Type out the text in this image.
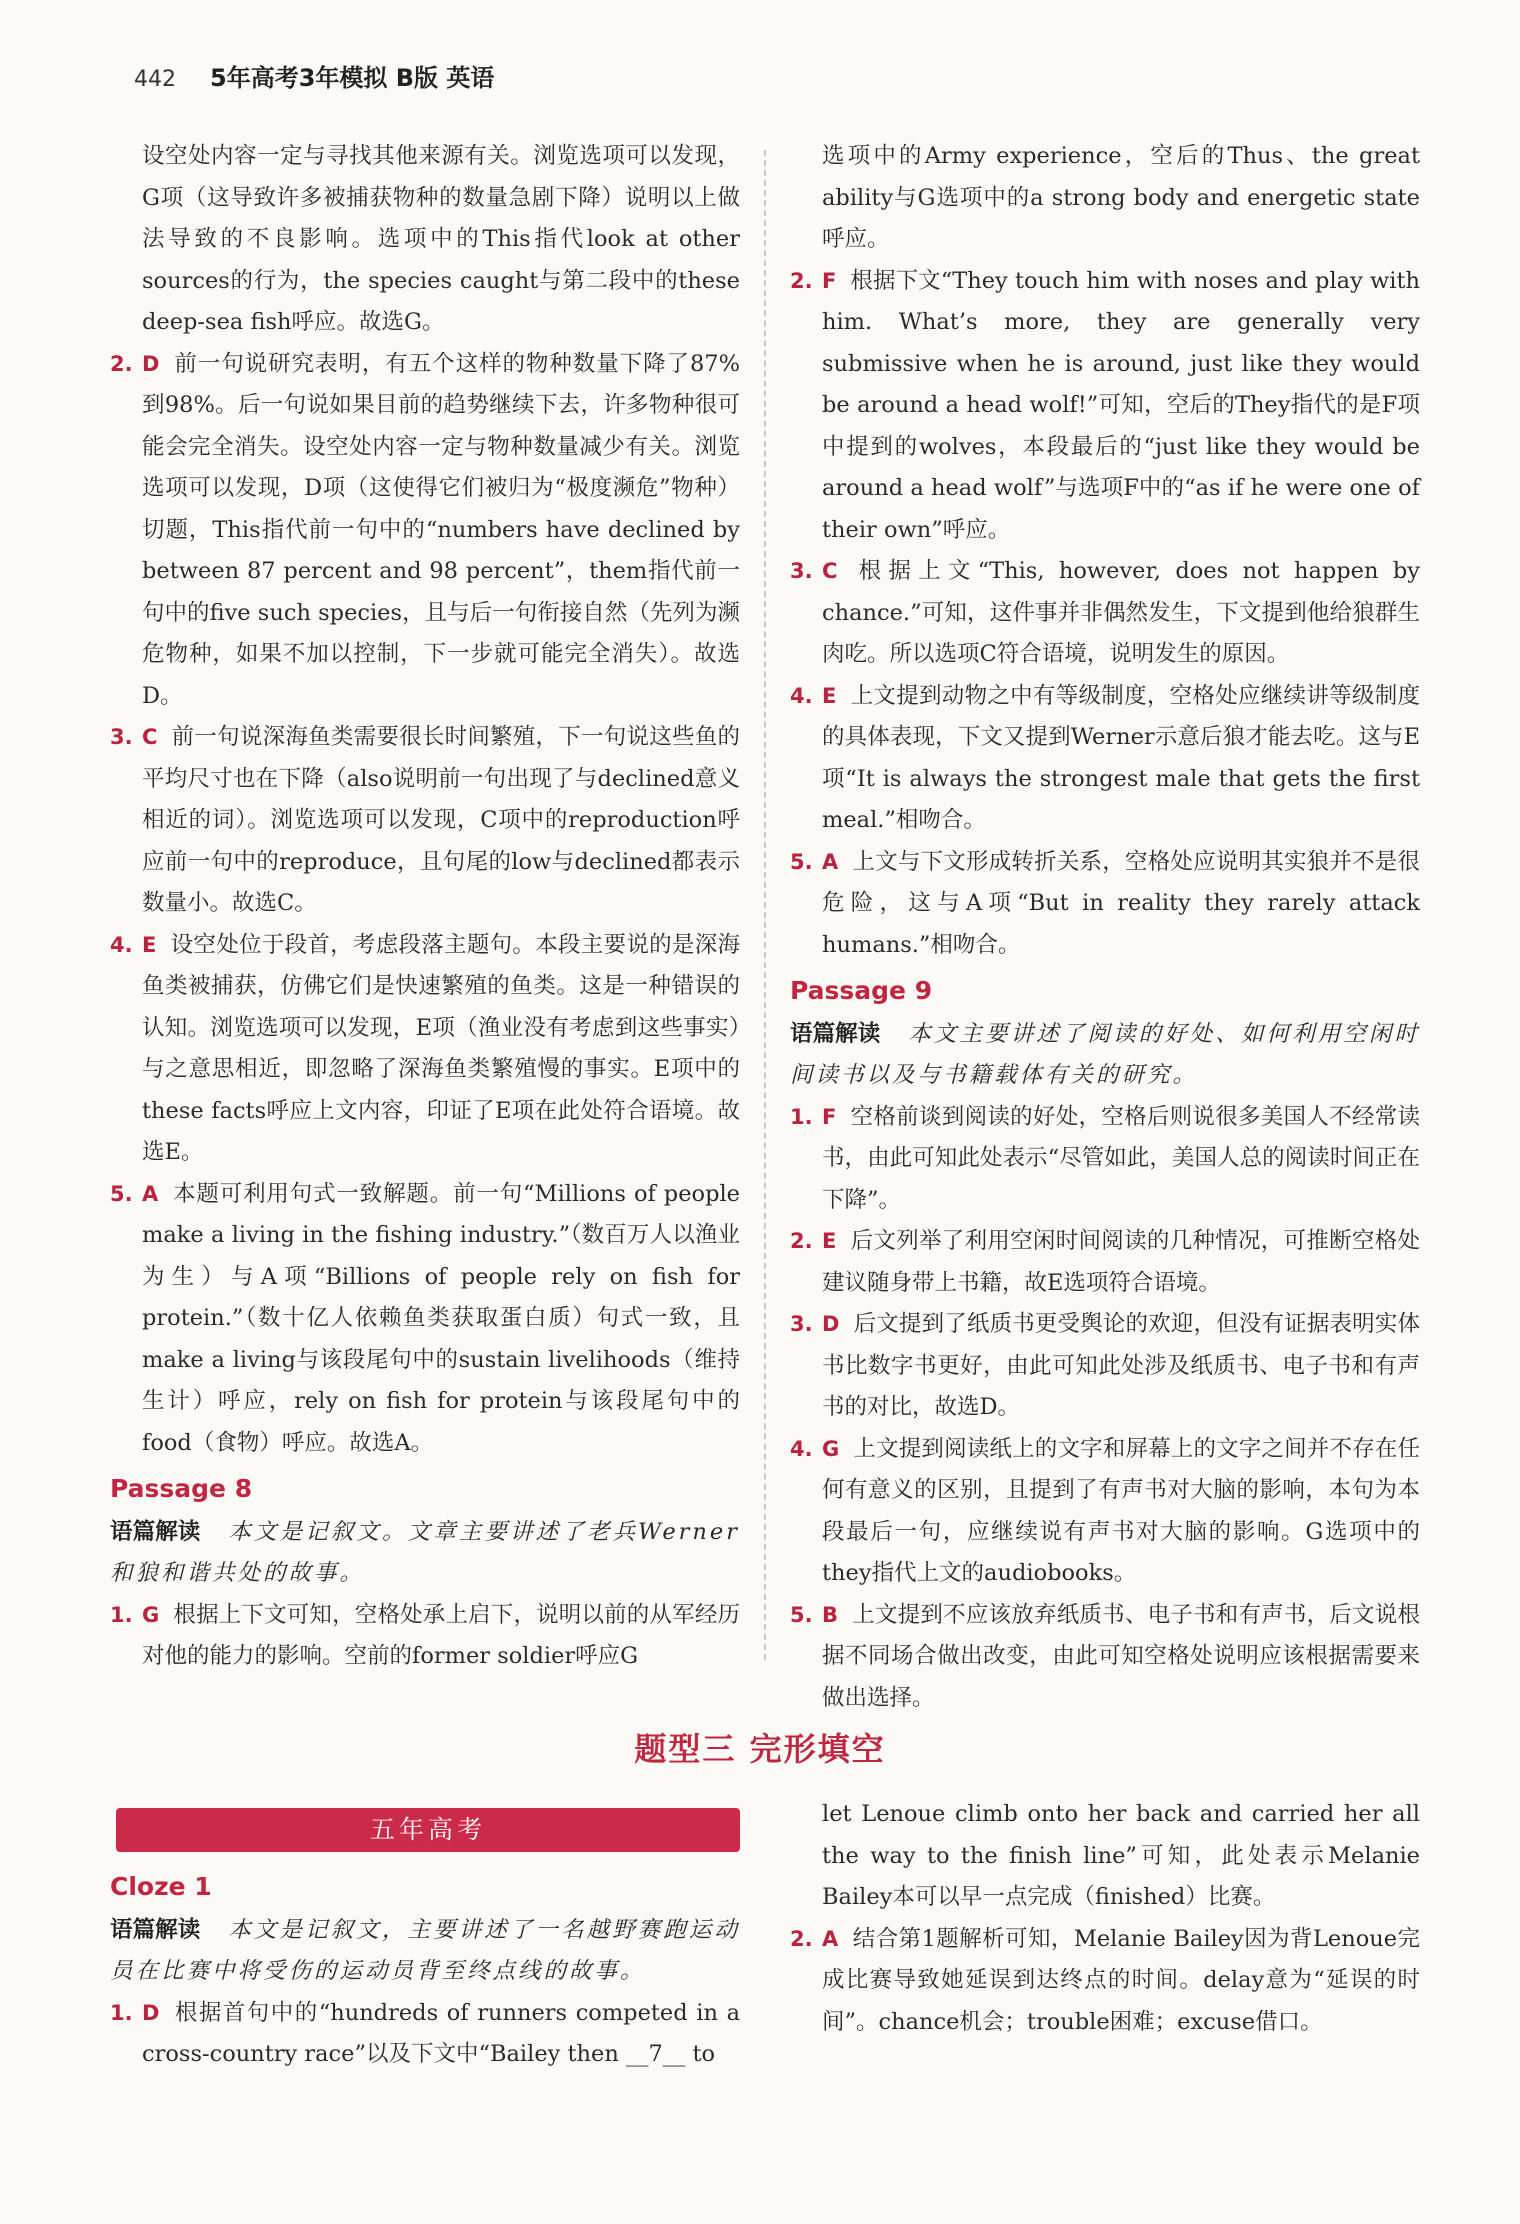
442 5年高考3年模拟 B版 英语

设空处内容一定与寻找其他来源有关。浏览选项可以发现，G项（这导致许多被捕获物种的数量急剧下降）说明以上做法导致的不良影响。选项中的This指代look at other sources的行为，the species caught与第二段中的these deep-sea fish呼应。故选G。

2. D 前一句说研究表明，有五个这样的物种数量下降了87%到98%。后一句说如果目前的趋势继续下去，许多物种很可能会完全消失。设空处内容一定与物种数量减少有关。浏览选项可以发现，D项（这使得它们被归为“极度濒危”物种）切题，This指代前一句中的“numbers have declined by between 87 percent and 98 percent”，them指代前一句中的five such species，且与后一句衔接自然（先列为濒危物种，如果不加以控制，下一步就可能完全消失）。故选D。

3. C 前一句说深海鱼类需要很长时间繁殖，下一句说这些鱼的平均尺寸也在下降（also说明前一句出现了与declined意义相近的词）。浏览选项可以发现，C项中的reproduction呼应前一句中的reproduce，且句尾的low与declined都表示数量小。故选C。

4. E 设空处位于段首，考虑段落主题句。本段主要说的是深海鱼类被捕获，仿佛它们是快速繁殖的鱼类。这是一种错误的认知。浏览选项可以发现，E项（渔业没有考虑到这些事实）与之意思相近，即忽略了深海鱼类繁殖慢的事实。E项中的these facts呼应上文内容，印证了E项在此处符合语境。故选E。

5. A 本题可利用句式一致解题。前一句“Millions of people make a living in the fishing industry.”（数百万人以渔业为生）与A项“Billions of people rely on fish for protein.”（数十亿人依赖鱼类获取蛋白质）句式一致，且make a living与该段尾句中的sustain livelihoods（维持生计）呼应，rely on fish for protein与该段尾句中的food（食物）呼应。故选A。

Passage 8

语篇解读 本文是记叙文。文章主要讲述了老兵Werner和狼和谐共处的故事。

1. G 根据上下文可知，空格处承上启下，说明以前的从军经历对他的能力的影响。空前的former soldier呼应G

选项中的Army experience，空后的Thus、the great ability与G选项中的a strong body and energetic state呼应。

2. F 根据下文“They touch him with noses and play with him. What’s more, they are generally very submissive when he is around, just like they would be around a head wolf!”可知，空后的They指代的是F项中提到的wolves，本段最后的“just like they would be around a head wolf”与选项F中的“as if he were one of their own”呼应。

3. C 根据上文“This, however, does not happen by chance.”可知，这件事并非偶然发生，下文提到他给狼群生肉吃。所以选项C符合语境，说明发生的原因。

4. E 上文提到动物之中有等级制度，空格处应继续讲等级制度的具体表现，下文又提到Werner示意后狼才能去吃。这与E项“It is always the strongest male that gets the first meal.”相吻合。

5. A 上文与下文形成转折关系，空格处应说明其实狼并不是很危险，这与A项“But in reality they rarely attack humans.”相吻合。

Passage 9

语篇解读 本文主要讲述了阅读的好处、如何利用空闲时间读书以及与书籍载体有关的研究。

1. F 空格前谈到阅读的好处，空格后则说很多美国人不经常读书，由此可知此处表示“尽管如此，美国人总的阅读时间正在下降”。

2. E 后文列举了利用空闲时间阅读的几种情况，可推断空格处建议随身带上书籍，故E选项符合语境。

3. D 后文提到了纸质书更受舆论的欢迎，但没有证据表明实体书比数字书更好，由此可知此处涉及纸质书、电子书和有声书的对比，故选D。

4. G 上文提到阅读纸上的文字和屏幕上的文字之间并不存在任何有意义的区别，且提到了有声书对大脑的影响，本句为本段最后一句，应继续说有声书对大脑的影响。G选项中的they指代上文的audiobooks。

5. B 上文提到不应该放弃纸质书、电子书和有声书，后文说根据不同场合做出改变，由此可知空格处说明应该根据需要来做出选择。

题型三 完形填空
五年高考
Cloze 1

语篇解读 本文是记叙文，主要讲述了一名越野赛跑运动员在比赛中将受伤的运动员背至终点线的故事。

1. D 根据首句中的“hundreds of runners competed in a cross-country race”以及下文中“Bailey then __7__ to

let Lenoue climb onto her back and carried her all the way to the finish line”可知，此处表示Melanie Bailey本可以早一点完成（finished）比赛。

2. A 结合第1题解析可知，Melanie Bailey因为背Lenoue完成比赛导致她延误到达终点的时间。delay意为“延误的时间”。chance机会；trouble困难；excuse借口。
